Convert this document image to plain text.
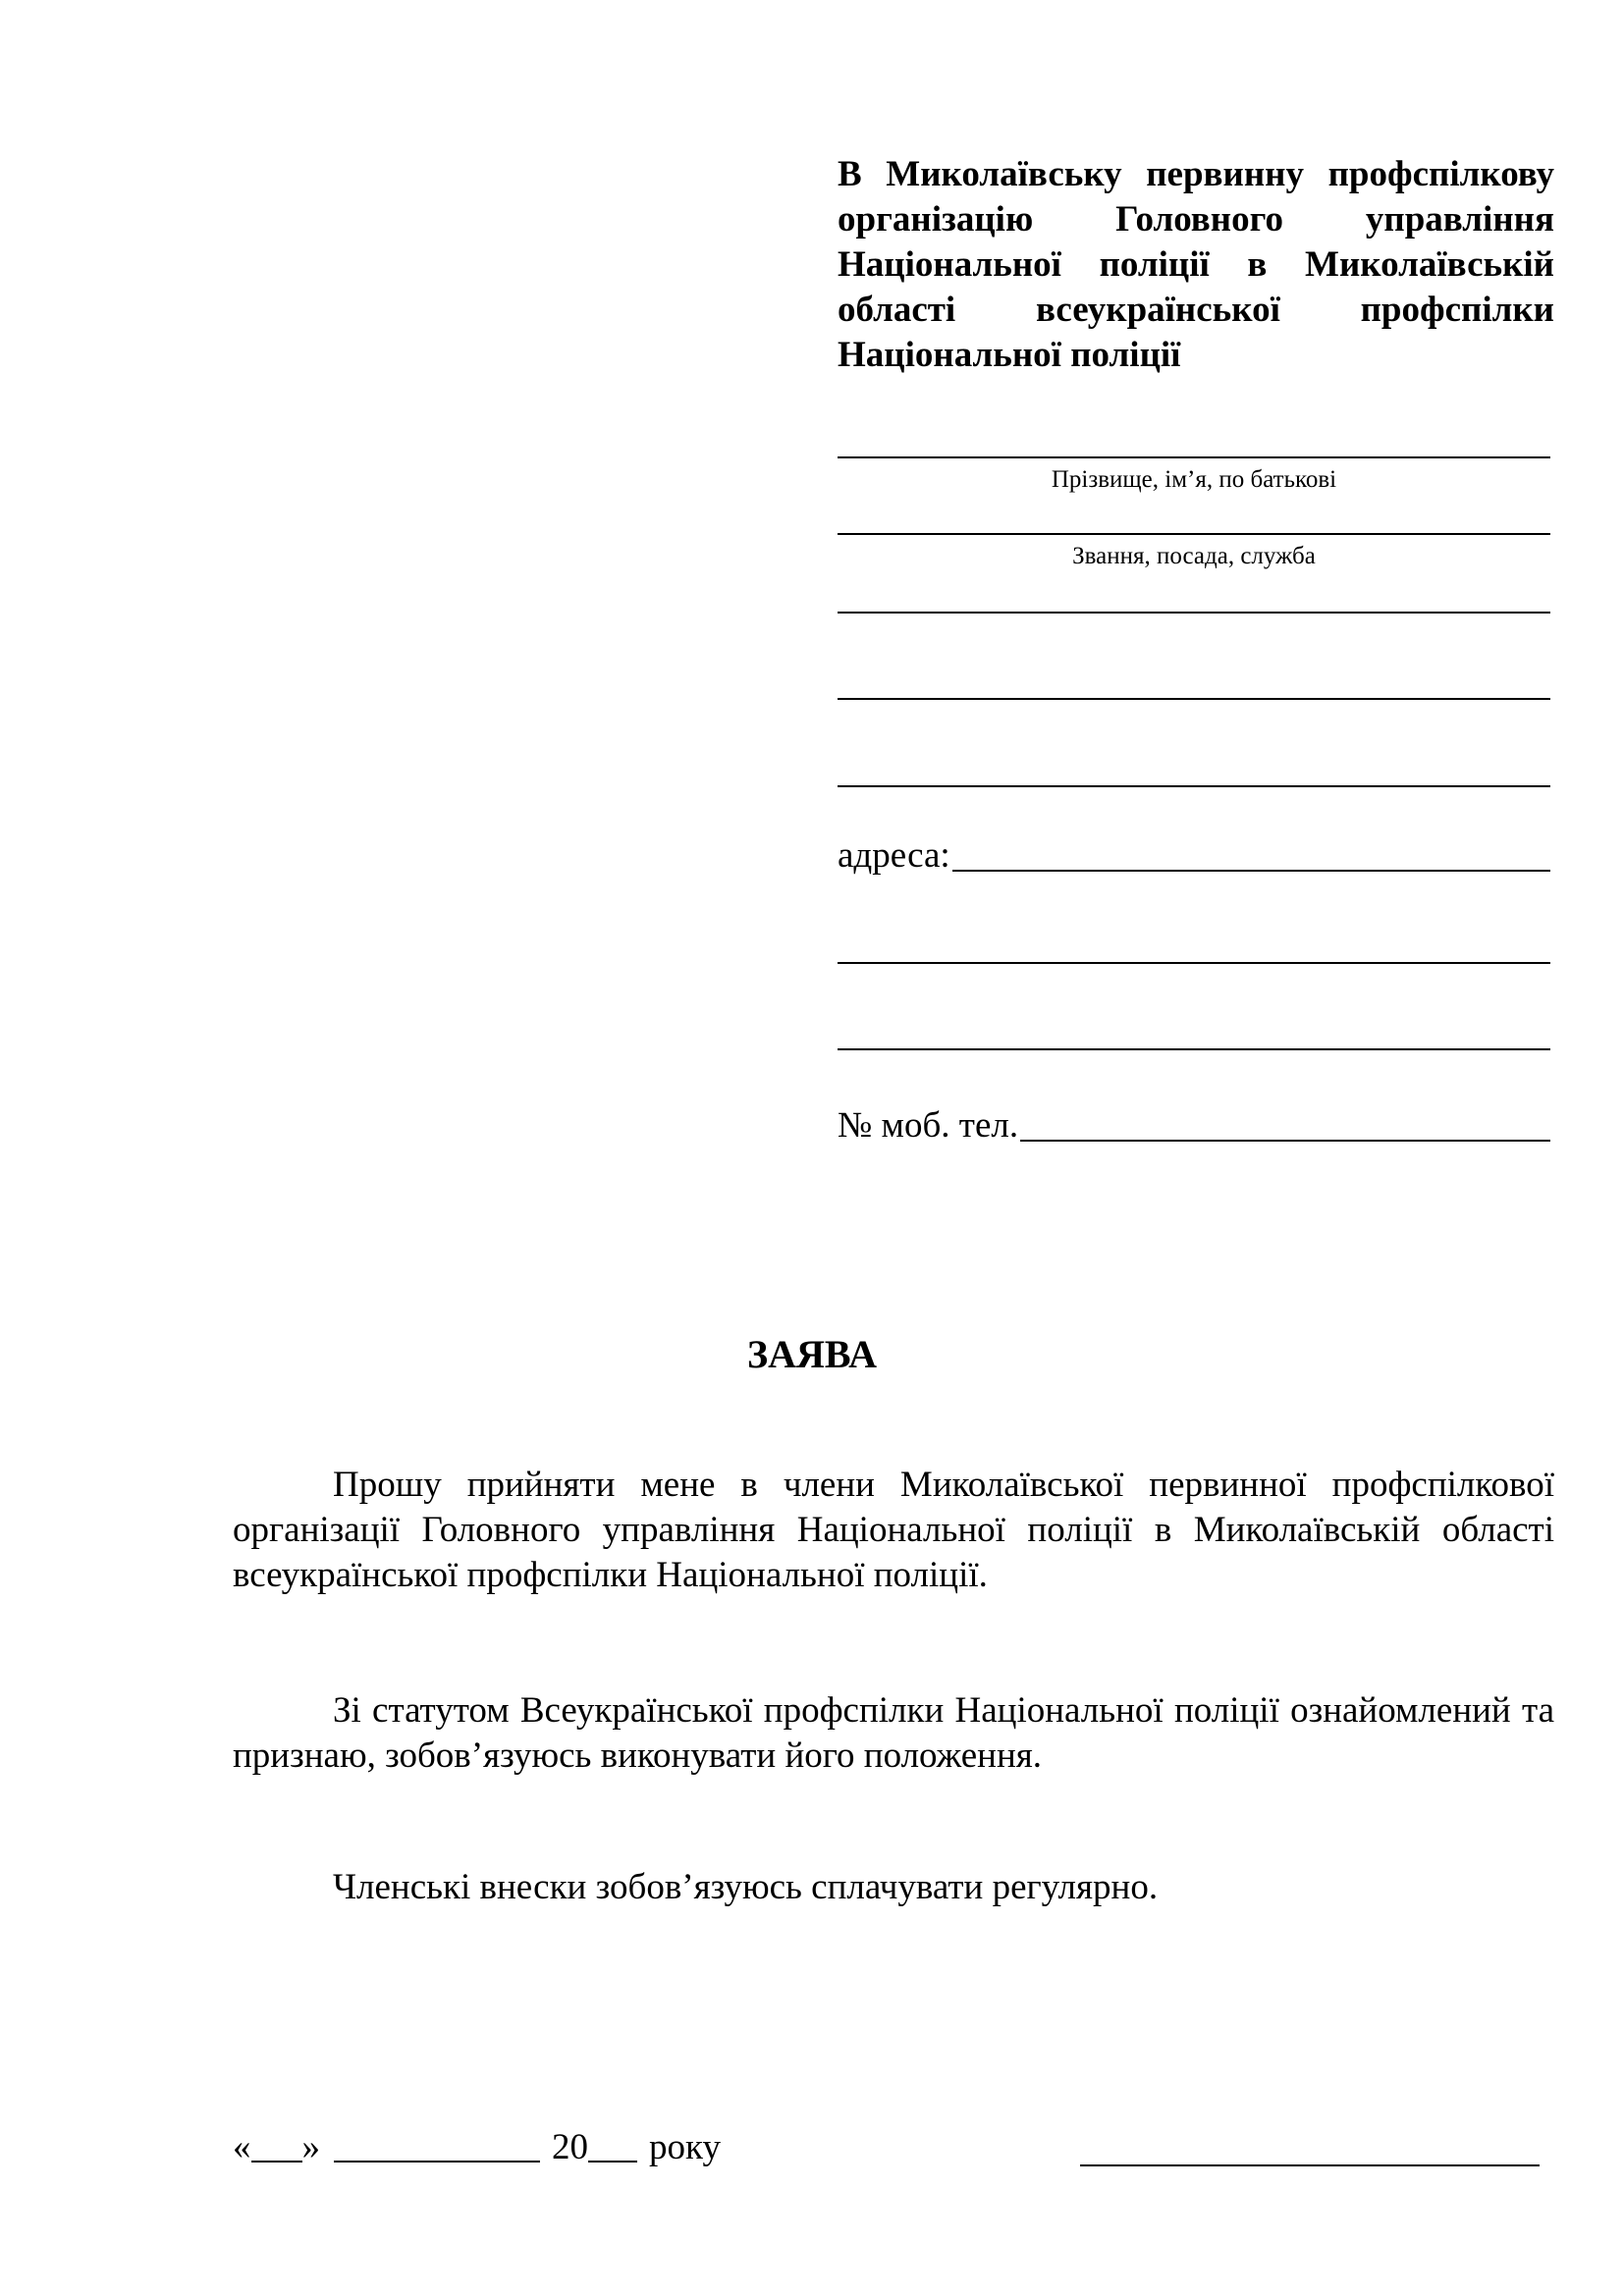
В Миколаївську первинну профспілкову організацію Головного управління Національної поліції в Миколаївській області всеукраїнської профспілки Національної поліції
Прізвище, ім’я, по батькові
Звання, посада, служба
адреса:
№ моб. тел.
ЗАЯВА
Прошу прийняти мене в члени Миколаївської первинної профспілкової організації Головного управління Національної поліції в Миколаївській області всеукраїнської профспілки Національної поліції.
Зі статутом Всеукраїнської профспілки Національної поліції ознайомлений та признаю, зобов’язуюсь виконувати його положення.
Членські внески зобов’язуюсь сплачувати регулярно.
« »	20 року
